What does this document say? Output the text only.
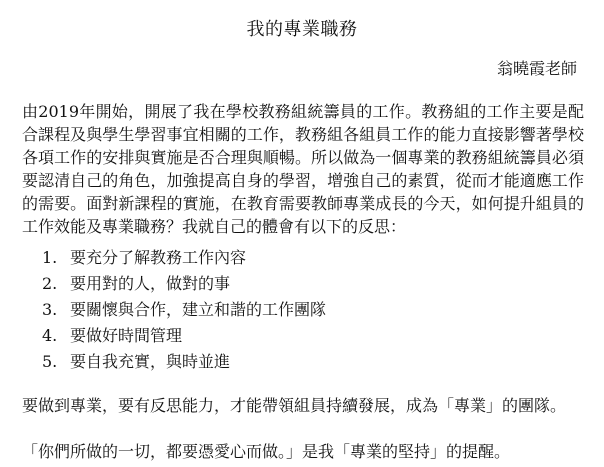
我的專業職務
翁曉霞老師

由2019年開始，開展了我在學校教務組統籌員的工作。教務組的工作主要是配合課程及與學生學習事宜相關的工作，教務組各組員工作的能力直接影響著學校各項工作的安排與實施是否合理與順暢。所以做為一個專業的教務組統籌員必須要認清自己的角色，加強提高自身的學習，增強自己的素質，從而才能適應工作的需要。面對新課程的實施，在教育需要教師專業成長的今天，如何提升組員的工作效能及專業職務？我就自己的體會有以下的反思：

1. 要充分了解教務工作內容
2. 要用對的人，做對的事
3. 要關懷與合作，建立和諧的工作團隊
4. 要做好時間管理
5. 要自我充實，與時並進

要做到專業，要有反思能力，才能帶領組員持續發展，成為「專業」的團隊。

「你們所做的一切，都要憑愛心而做。」是我「專業的堅持」的提醒。
